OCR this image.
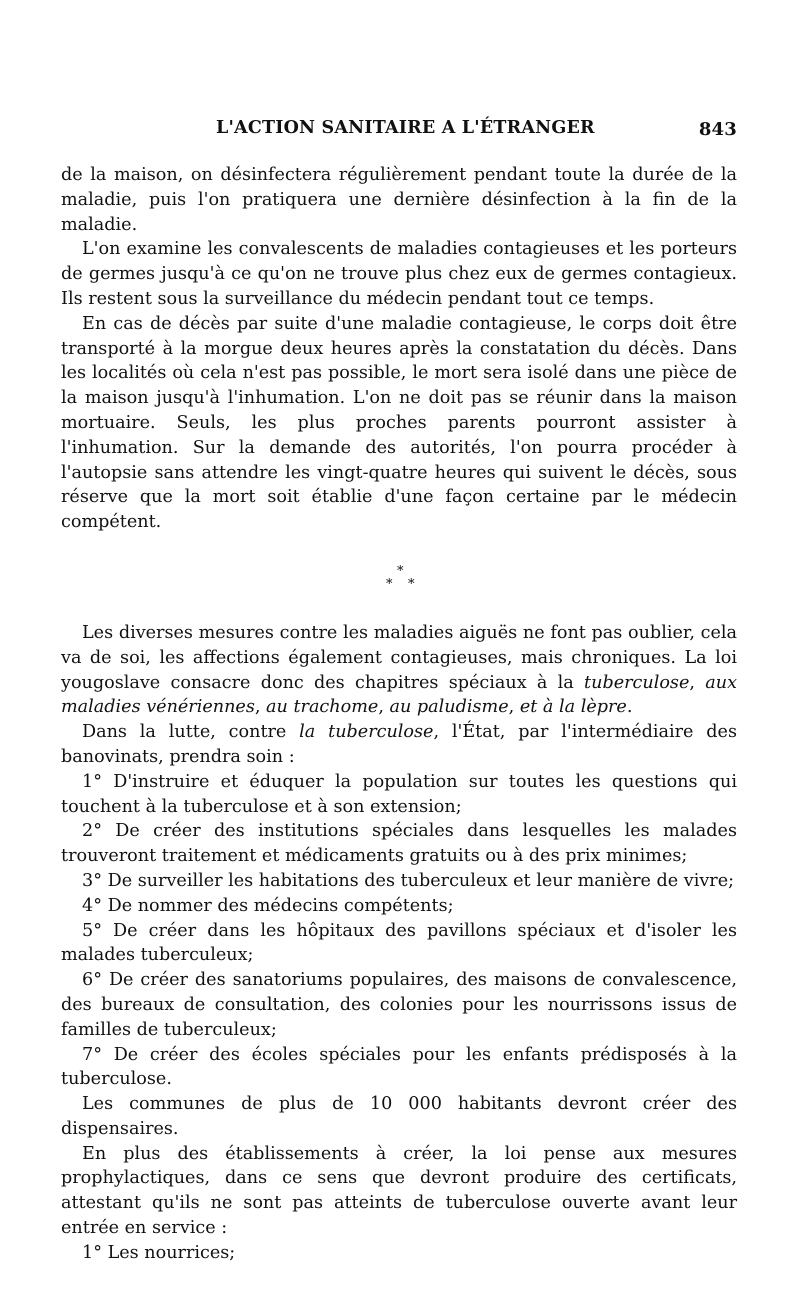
L'ACTION SANITAIRE A L'ÉTRANGER	843

de la maison, on désinfectera régulièrement pendant toute la durée de la maladie, puis l'on pratiquera une dernière désinfection à la fin de la maladie.

L'on examine les convalescents de maladies contagieuses et les porteurs de germes jusqu'à ce qu'on ne trouve plus chez eux de germes contagieux. Ils restent sous la surveillance du médecin pendant tout ce temps.

En cas de décès par suite d'une maladie contagieuse, le corps doit être transporté à la morgue deux heures après la constatation du décès. Dans les localités où cela n'est pas possible, le mort sera isolé dans une pièce de la maison jusqu'à l'inhumation. L'on ne doit pas se réunir dans la maison mortuaire. Seuls, les plus proches parents pourront assister à l'inhumation. Sur la demande des autorités, l'on pourra procéder à l'autopsie sans attendre les vingt-quatre heures qui suivent le décès, sous réserve que la mort soit établie d'une façon certaine par le médecin compétent.

*
* *

Les diverses mesures contre les maladies aiguës ne font pas oublier, cela va de soi, les affections également contagieuses, mais chroniques. La loi yougoslave consacre donc des chapitres spéciaux à la tuberculose, aux maladies vénériennes, au trachome, au paludisme, et à la lèpre.

Dans la lutte, contre la tuberculose, l'État, par l'intermédiaire des banovinats, prendra soin :

1° D'instruire et éduquer la population sur toutes les questions qui touchent à la tuberculose et à son extension;

2° De créer des institutions spéciales dans lesquelles les malades trouveront traitement et médicaments gratuits ou à des prix minimes;

3° De surveiller les habitations des tuberculeux et leur manière de vivre;

4° De nommer des médecins compétents;

5° De créer dans les hôpitaux des pavillons spéciaux et d'isoler les malades tuberculeux;

6° De créer des sanatoriums populaires, des maisons de convalescence, des bureaux de consultation, des colonies pour les nourrissons issus de familles de tuberculeux;

7° De créer des écoles spéciales pour les enfants prédisposés à la tuberculose.

Les communes de plus de 10 000 habitants devront créer des dispensaires.

En plus des établissements à créer, la loi pense aux mesures prophylactiques, dans ce sens que devront produire des certificats, attestant qu'ils ne sont pas atteints de tuberculose ouverte avant leur entrée en service :

1° Les nourrices;
